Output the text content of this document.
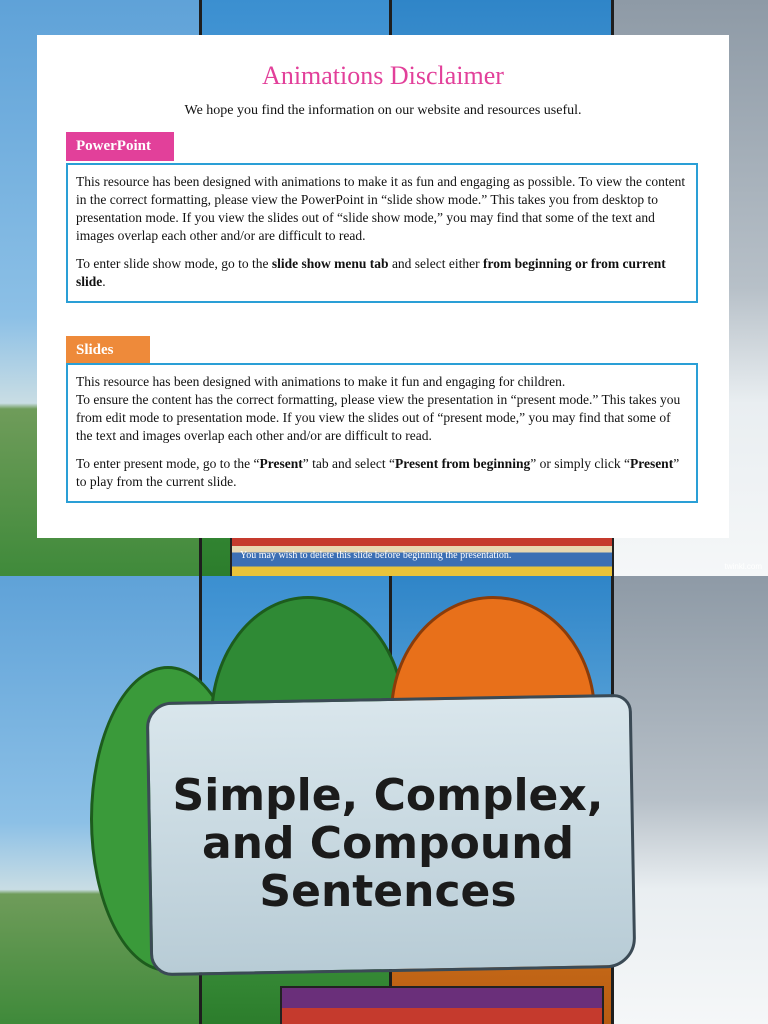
You may wish to delete this slide before beginning the presentation.
twinkl.com
Animations Disclaimer
We hope you find the information on our website and resources useful.
PowerPoint

This resource has been designed with animations to make it as fun and engaging as possible. To view the content in the correct formatting, please view the PowerPoint in “slide show mode.” This takes you from desktop to presentation mode. If you view the slides out of “slide show mode,” you may find that some of the text and images overlap each other and/or are difficult to read.

To enter slide show mode, go to the slide show menu tab and select either from beginning or from current slide.

Slides

This resource has been designed with animations to make it fun and engaging for children.

To ensure the content has the correct formatting, please view the presentation in “present mode.” This takes you from edit mode to presentation mode. If you view the slides out of “present mode,” you may find that some of the text and images overlap each other and/or are difficult to read.

To enter present mode, go to the “Present” tab and select “Present from beginning” or simply click “Present” to play from the current slide.

Simple, Complex,
and Compound
Sentences
